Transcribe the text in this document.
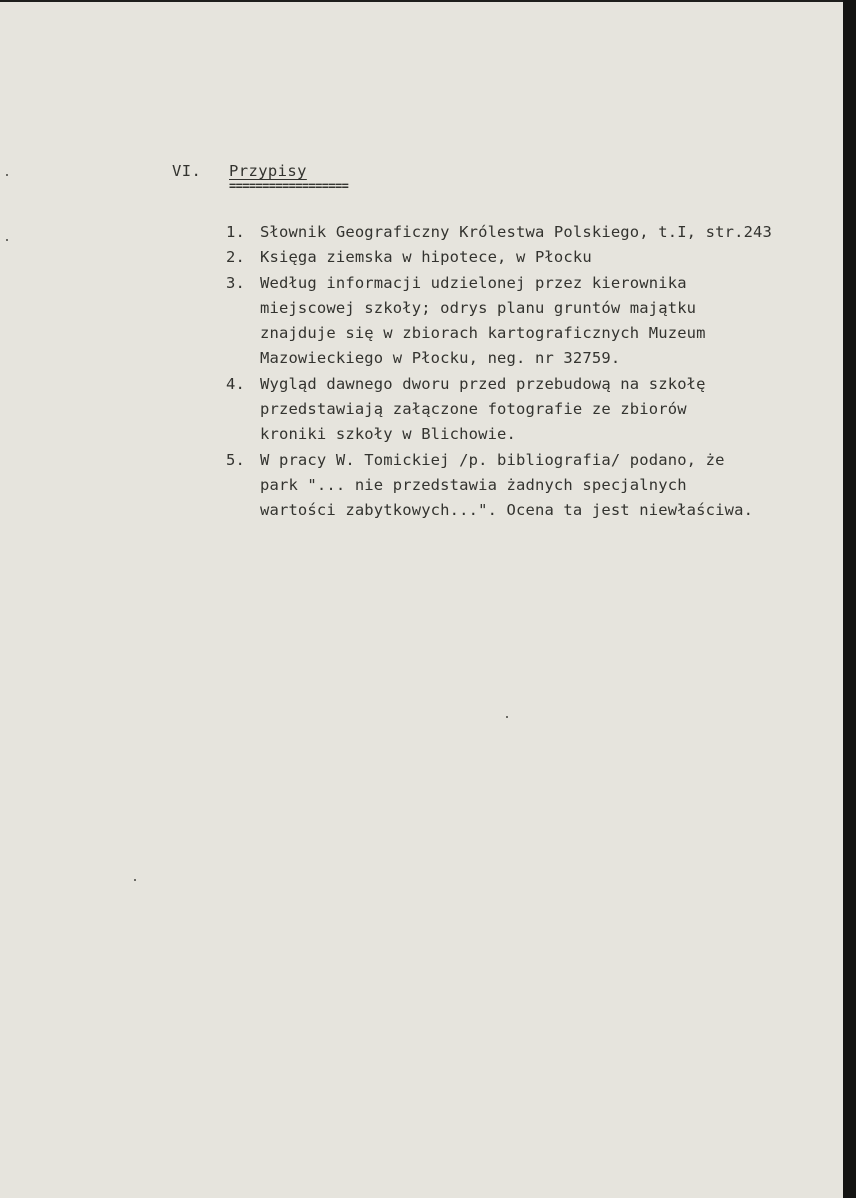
VI. Przypisy
==================
1. Słownik Geograficzny Królestwa Polskiego, t.I, str.243
2. Księga ziemska w hipotece, w Płocku
3. Według informacji udzielonej przez kierownika
miejscowej szkoły; odrys planu gruntów majątku
znajduje się w zbiorach kartograficznych Muzeum
Mazowieckiego w Płocku, neg. nr 32759.
4. Wygląd dawnego dworu przed przebudową na szkołę
przedstawiają załączone fotografie ze zbiorów
kroniki szkoły w Blichowie.
5. W pracy W. Tomickiej /p. bibliografia/ podano, że
park "... nie przedstawia żadnych specjalnych
wartości zabytkowych...". Ocena ta jest niewłaściwa.
